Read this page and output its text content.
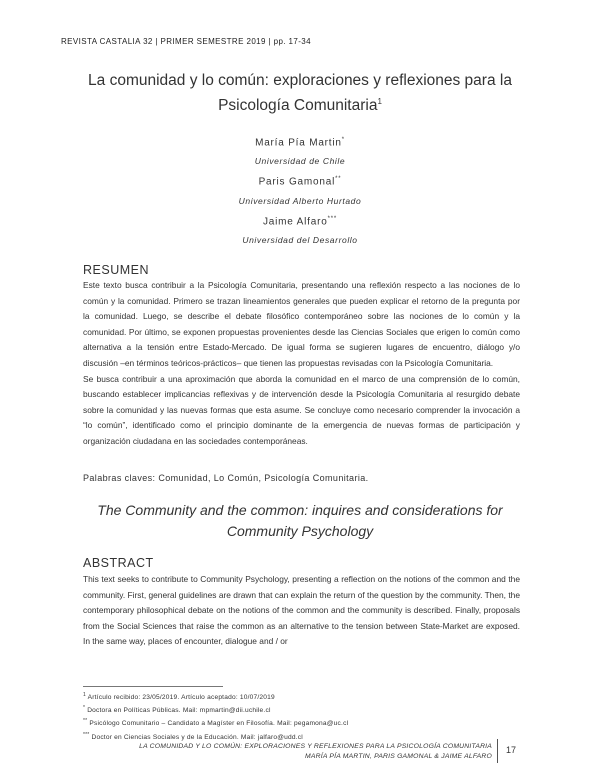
REVISTA CASTALIA 32 | PRIMER SEMESTRE 2019 | pp. 17-34
La comunidad y lo común: exploraciones y reflexiones para la Psicología Comunitaria$^1$
María Pía Martin*
Universidad de Chile
Paris Gamonal**
Universidad Alberto Hurtado
Jaime Alfaro***
Universidad del Desarrollo
RESUMEN

Este texto busca contribuir a la Psicología Comunitaria, presentando una reflexión respecto a las nociones de lo común y la comunidad. Primero se trazan lineamientos generales que pueden explicar el retorno de la pregunta por la comunidad. Luego, se describe el debate filosófico contemporáneo sobre las nociones de lo común y la comunidad. Por último, se exponen propuestas provenientes desde las Ciencias Sociales que erigen lo común como alternativa a la tensión entre Estado-Mercado. De igual forma se sugieren lugares de encuentro, diálogo y/o discusión –en términos teóricos-prácticos– que tienen las propuestas revisadas con la Psicología Comunitaria.

Se busca contribuir a una aproximación que aborda la comunidad en el marco de una comprensión de lo común, buscando establecer implicancias reflexivas y de intervención desde la Psicología Comunitaria al resurgido debate sobre la comunidad y las nuevas formas que esta asume. Se concluye como necesario comprender la invocación a “lo común”, identificado como el principio dominante de la emergencia de nuevas formas de participación y organización ciudadana en las sociedades contemporáneas.

Palabras claves: Comunidad, Lo Común, Psicología Comunitaria.
The Community and the common: inquires and considerations for Community Psychology
ABSTRACT

This text seeks to contribute to Community Psychology, presenting a reflection on the notions of the common and the community. First, general guidelines are drawn that can explain the return of the question by the community. Then, the contemporary philosophical debate on the notions of the common and the community is described. Finally, proposals from the Social Sciences that raise the common as an alternative to the tension between State-Market are exposed. In the same way, places of encounter, dialogue and / or

$^1$ Artículo recibido: 23/05/2019. Artículo aceptado: 10/07/2019
* Doctora en Políticas Públicas. Mail: mpmartin@dii.uchile.cl
** Psicólogo Comunitario – Candidato a Magíster en Filosofía. Mail: pegamona@uc.cl
*** Doctor en Ciencias Sociales y de la Educación. Mail: jalfaro@udd.cl
LA COMUNIDAD Y LO COMÚN: EXPLORACIONES Y REFLEXIONES PARA LA PSICOLOGÍA COMUNITARIA
MARÍA PÍA MARTIN, PARIS GAMONAL & JAIME ALFARO
17
